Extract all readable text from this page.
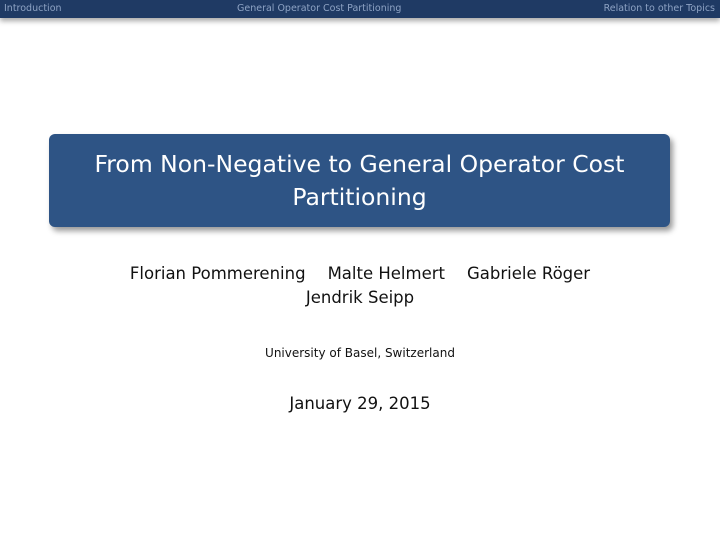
Introduction	General Operator Cost Partitioning	Relation to other Topics
From Non-Negative to General Operator Cost Partitioning
Florian Pommerening Malte Helmert Gabriele Röger
Jendrik Seipp
University of Basel, Switzerland
January 29, 2015
